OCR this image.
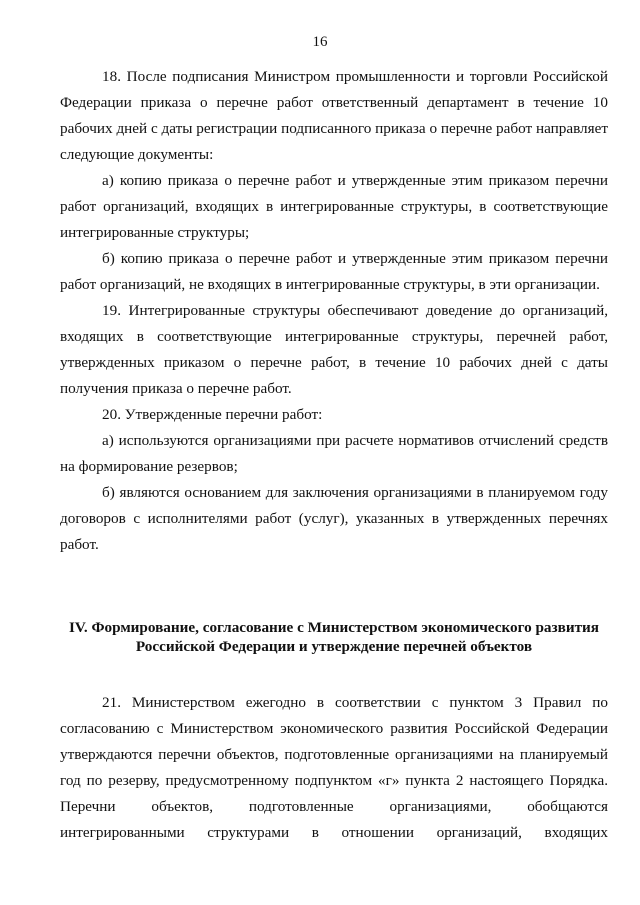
16

18. После подписания Министром промышленности и торговли Российской Федерации приказа о перечне работ ответственный департамент в течение 10 рабочих дней с даты регистрации подписанного приказа о перечне работ направляет следующие документы:

а) копию приказа о перечне работ и утвержденные этим приказом перечни работ организаций, входящих в интегрированные структуры, в соответствующие интегрированные структуры;

б) копию приказа о перечне работ и утвержденные этим приказом перечни работ организаций, не входящих в интегрированные структуры, в эти организации.

19. Интегрированные структуры обеспечивают доведение до организаций, входящих в соответствующие интегрированные структуры, перечней работ, утвержденных приказом о перечне работ, в течение 10 рабочих дней с даты получения приказа о перечне работ.

20. Утвержденные перечни работ:

а) используются организациями при расчете нормативов отчислений средств на формирование резервов;

б) являются основанием для заключения организациями в планируемом году договоров с исполнителями работ (услуг), указанных в утвержденных перечнях работ.

IV. Формирование, согласование с Министерством экономического развития
Российской Федерации и утверждение перечней объектов

21. Министерством ежегодно в соответствии с пунктом 3 Правил по согласованию с Министерством экономического развития Российской Федерации утверждаются перечни объектов, подготовленные организациями на планируемый год по резерву, предусмотренному подпунктом «г» пункта 2 настоящего Порядка. Перечни объектов, подготовленные организациями, обобщаются интегрированными структурами в отношении организаций, входящих
